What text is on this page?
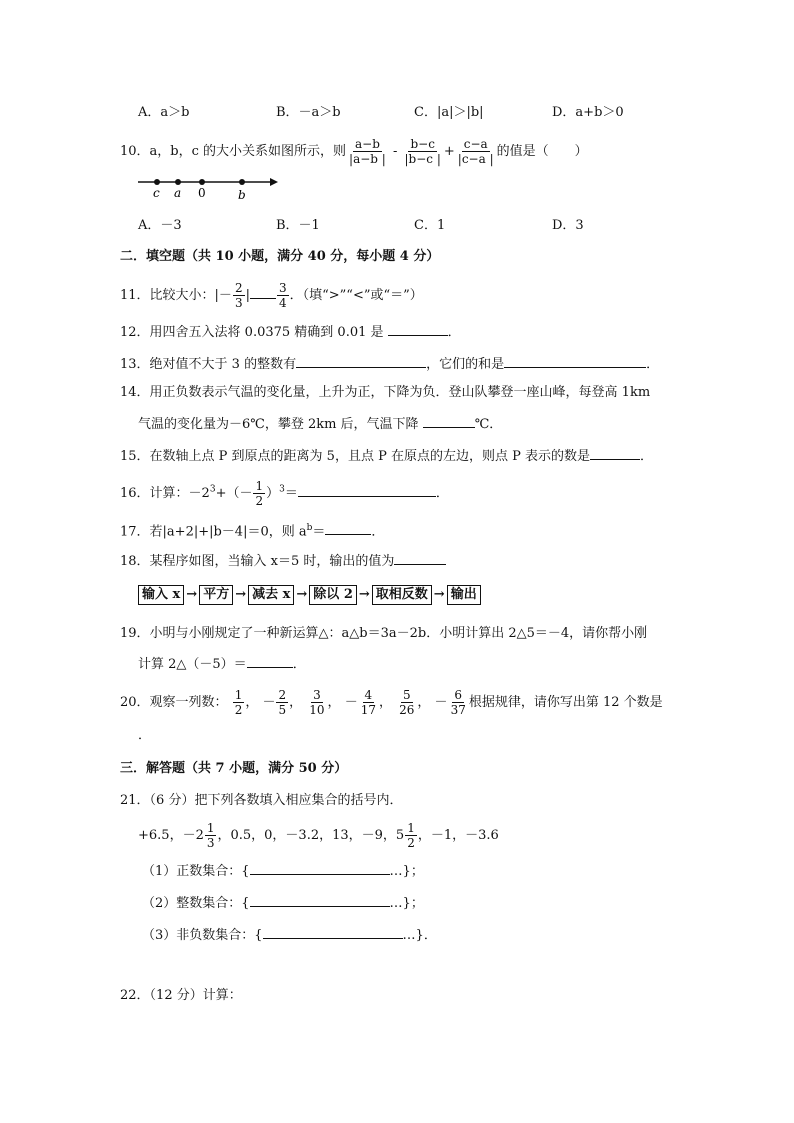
A．a＞b	B．－a＞b	C．|a|＞|b|	D．a+b＞0
10．a，b，c 的大小关系如图所示，则 $\frac{a-b}{|a-b |} - \frac{b-c}{|b-c |} + \frac{c-a}{|c-a |}$ 的值是（　　）
c a 0	b
A．－3	B．－1	C．1	D．3
二．填空题（共 10 小题，满分 40 分，每小题 4 分）
11．比较大小：|－ $\frac{2}{3}$ | $\frac{3}{4}$ ．（填“>”“<”或“＝”）
12．用四舍五入法将 0.0375 精确到 0.01 是	．
13．绝对值不大于 3 的整数有	，它们的和是	．
14．用正负数表示气温的变化量，上升为正，下降为负．登山队攀登一座山峰，每登高 1km
气温的变化量为－6℃，攀登 2km 后，气温下降	℃．
15．在数轴上点 P 到原点的距离为 5，且点 P 在原点的左边，则点 P 表示的数是	．
16．计算：$-2^3+(- \frac{1}{2} )^3=$	．
17．若|a+2|+|b－4|＝0，则 $a^b=$	．
18．某程序如图，当输入 x＝5 时，输出的值为
输入 x → 平方 → 减去 x → 除以 2 → 取相反数 → 输出
19．小明与小刚规定了一种新运算△：a△b＝3a－2b．小明计算出 2△5＝－4，请你帮小刚
计算 2△（－5）＝	．
20．观察一列数： $\frac{1}{2}$ ， － $\frac{2}{5}$ ， $\frac{3}{10}$ ， － $\frac{4}{17}$ ， $\frac{5}{26}$ ， － $\frac{6}{37}$ 根据规律，请你写出第 12 个数是
．
三．解答题（共 7 小题，满分 50 分）
21．（6 分）把下列各数填入相应集合的括号内．
+6.5，$-2 \frac{1}{3}$ ，0.5，0，－3.2，13，－9，$5 \frac{1}{2}$ ，－1，－3.6
（1）正数集合：{	…}；
（2）整数集合：{	…}；
（3）非负数集合：{	…}．
22．（12 分）计算：
